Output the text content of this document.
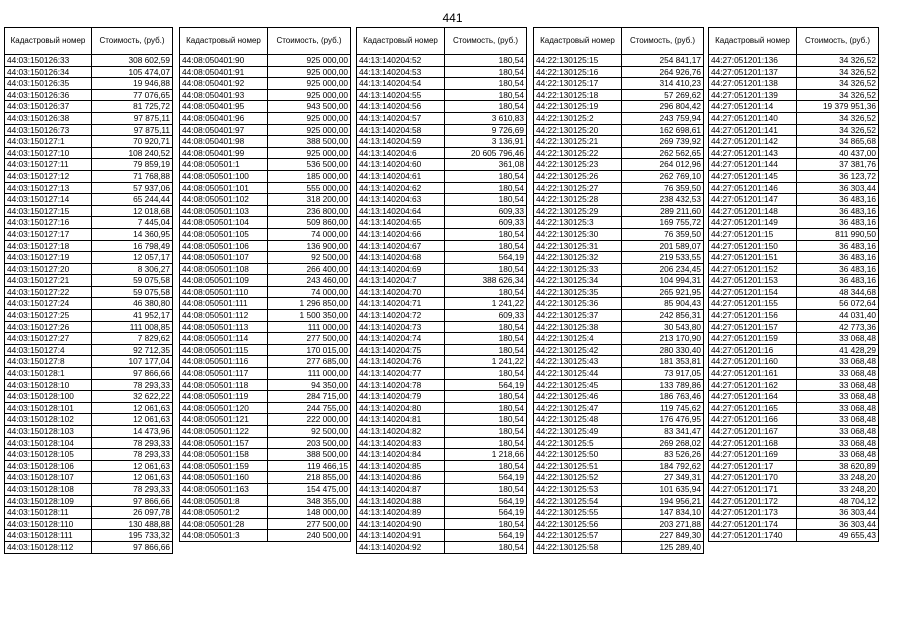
441
Кадастровый номер	Стоимость, (руб.)
44:03:150126:33	308 602,59
44:03:150126:34	105 474,07
44:03:150126:35	19 946,88
44:03:150126:36	77 076,65
44:03:150126:37	81 725,72
44:03:150126:38	97 875,11
44:03:150126:73	97 875,11
44:03:150127:1	70 920,71
44:03:150127:10	108 240,52
44:03:150127:11	79 859,19
44:03:150127:12	71 768,88
44:03:150127:13	57 937,06
44:03:150127:14	65 244,44
44:03:150127:15	12 018,68
44:03:150127:16	7 445,04
44:03:150127:17	14 360,95
44:03:150127:18	16 798,49
44:03:150127:19	12 057,17
44:03:150127:20	8 306,27
44:03:150127:21	59 075,58
44:03:150127:22	59 075,58
44:03:150127:24	46 380,80
44:03:150127:25	41 952,17
44:03:150127:26	111 008,85
44:03:150127:27	7 829,62
44:03:150127:4	92 712,35
44:03:150127:8	107 177,04
44:03:150128:1	97 866,66
44:03:150128:10	78 293,33
44:03:150128:100	32 622,22
44:03:150128:101	12 061,63
44:03:150128:102	12 061,63
44:03:150128:103	14 473,96
44:03:150128:104	78 293,33
44:03:150128:105	78 293,33
44:03:150128:106	12 061,63
44:03:150128:107	12 061,63
44:03:150128:108	78 293,33
44:03:150128:109	97 866,66
44:03:150128:11	26 097,78
44:03:150128:110	130 488,88
44:03:150128:111	195 733,32
44:03:150128:112	97 866,66
Кадастровый номер	Стоимость, (руб.)
44:08:050401:90	925 000,00
44:08:050401:91	925 000,00
44:08:050401:92	925 000,00
44:08:050401:93	925 000,00
44:08:050401:95	943 500,00
44:08:050401:96	925 000,00
44:08:050401:97	925 000,00
44:08:050401:98	388 500,00
44:08:050401:99	925 000,00
44:08:050501:1	536 500,00
44:08:050501:100	185 000,00
44:08:050501:101	555 000,00
44:08:050501:102	318 200,00
44:08:050501:103	236 800,00
44:08:050501:104	509 860,00
44:08:050501:105	74 000,00
44:08:050501:106	136 900,00
44:08:050501:107	92 500,00
44:08:050501:108	266 400,00
44:08:050501:109	243 460,00
44:08:050501:110	74 000,00
44:08:050501:111	1 296 850,00
44:08:050501:112	1 500 350,00
44:08:050501:113	111 000,00
44:08:050501:114	277 500,00
44:08:050501:115	170 015,00
44:08:050501:116	277 685,00
44:08:050501:117	111 000,00
44:08:050501:118	94 350,00
44:08:050501:119	284 715,00
44:08:050501:120	244 755,00
44:08:050501:121	222 000,00
44:08:050501:122	92 500,00
44:08:050501:157	203 500,00
44:08:050501:158	388 500,00
44:08:050501:159	119 466,15
44:08:050501:160	218 855,00
44:08:050501:163	154 475,00
44:08:050501:8	348 355,00
44:08:050501:2	148 000,00
44:08:050501:28	277 500,00
44:08:050501:3	240 500,00
Кадастровый номер	Стоимость, (руб.)
44:13:140204:52	180,54
44:13:140204:53	180,54
44:13:140204:54	180,54
44:13:140204:55	180,54
44:13:140204:56	180,54
44:13:140204:57	3 610,83
44:13:140204:58	9 726,69
44:13:140204:59	3 136,91
44:13:140204:6	20 605 796,46
44:13:140204:60	361,08
44:13:140204:61	180,54
44:13:140204:62	180,54
44:13:140204:63	180,54
44:13:140204:64	609,33
44:13:140204:65	609,33
44:13:140204:66	180,54
44:13:140204:67	180,54
44:13:140204:68	564,19
44:13:140204:69	180,54
44:13:140204:7	388 626,34
44:13:140204:70	180,54
44:13:140204:71	1 241,22
44:13:140204:72	609,33
44:13:140204:73	180,54
44:13:140204:74	180,54
44:13:140204:75	180,54
44:13:140204:76	1 241,22
44:13:140204:77	180,54
44:13:140204:78	564,19
44:13:140204:79	180,54
44:13:140204:80	180,54
44:13:140204:81	180,54
44:13:140204:82	180,54
44:13:140204:83	180,54
44:13:140204:84	1 218,66
44:13:140204:85	180,54
44:13:140204:86	564,19
44:13:140204:87	180,54
44:13:140204:88	564,19
44:13:140204:89	564,19
44:13:140204:90	180,54
44:13:140204:91	564,19
44:13:140204:92	180,54
Кадастровый номер	Стоимость, (руб.)
44:22:130125:15	254 841,17
44:22:130125:16	264 926,76
44:22:130125:17	314 410,23
44:22:130125:18	57 269,62
44:22:130125:19	296 804,42
44:22:130125:2	243 759,94
44:22:130125:20	162 698,61
44:22:130125:21	269 739,92
44:22:130125:22	262 562,65
44:22:130125:23	264 012,96
44:22:130125:26	262 769,10
44:22:130125:27	76 359,50
44:22:130125:28	238 432,53
44:22:130125:29	289 211,60
44:22:130125:3	169 755,72
44:22:130125:30	76 359,50
44:22:130125:31	201 589,07
44:22:130125:32	219 533,55
44:22:130125:33	206 234,45
44:22:130125:34	104 994,31
44:22:130125:35	265 921,95
44:22:130125:36	85 904,43
44:22:130125:37	242 856,31
44:22:130125:38	30 543,80
44:22:130125:4	213 170,90
44:22:130125:42	280 330,40
44:22:130125:43	181 353,81
44:22:130125:44	73 917,05
44:22:130125:45	133 789,86
44:22:130125:46	186 763,46
44:22:130125:47	119 745,62
44:22:130125:48	176 476,95
44:22:130125:49	83 341,47
44:22:130125:5	269 268,02
44:22:130125:50	83 526,26
44:22:130125:51	184 792,62
44:22:130125:52	27 349,31
44:22:130125:53	101 635,94
44:22:130125:54	194 956,21
44:22:130125:55	147 834,10
44:22:130125:56	203 271,88
44:22:130125:57	227 849,30
44:22:130125:58	125 289,40
Кадастровый номер	Стоимость, (руб.)
44:27:051201:136	34 326,52
44:27:051201:137	34 326,52
44:27:051201:138	34 326,52
44:27:051201:139	34 326,52
44:27:051201:14	19 379 951,36
44:27:051201:140	34 326,52
44:27:051201:141	34 326,52
44:27:051201:142	34 865,68
44:27:051201:143	40 437,00
44:27:051201:144	37 381,76
44:27:051201:145	36 123,72
44:27:051201:146	36 303,44
44:27:051201:147	36 483,16
44:27:051201:148	36 483,16
44:27:051201:149	36 483,16
44:27:051201:15	811 990,50
44:27:051201:150	36 483,16
44:27:051201:151	36 483,16
44:27:051201:152	36 483,16
44:27:051201:153	36 483,16
44:27:051201:154	48 344,68
44:27:051201:155	56 072,64
44:27:051201:156	44 031,40
44:27:051201:157	42 773,36
44:27:051201:159	33 068,48
44:27:051201:16	41 428,29
44:27:051201:160	33 068,48
44:27:051201:161	33 068,48
44:27:051201:162	33 068,48
44:27:051201:164	33 068,48
44:27:051201:165	33 068,48
44:27:051201:166	33 068,48
44:27:051201:167	33 068,48
44:27:051201:168	33 068,48
44:27:051201:169	33 068,48
44:27:051201:17	38 620,89
44:27:051201:170	33 248,20
44:27:051201:171	33 248,20
44:27:051201:172	48 704,12
44:27:051201:173	36 303,44
44:27:051201:174	36 303,44
44:27:051201:1740	49 655,43
